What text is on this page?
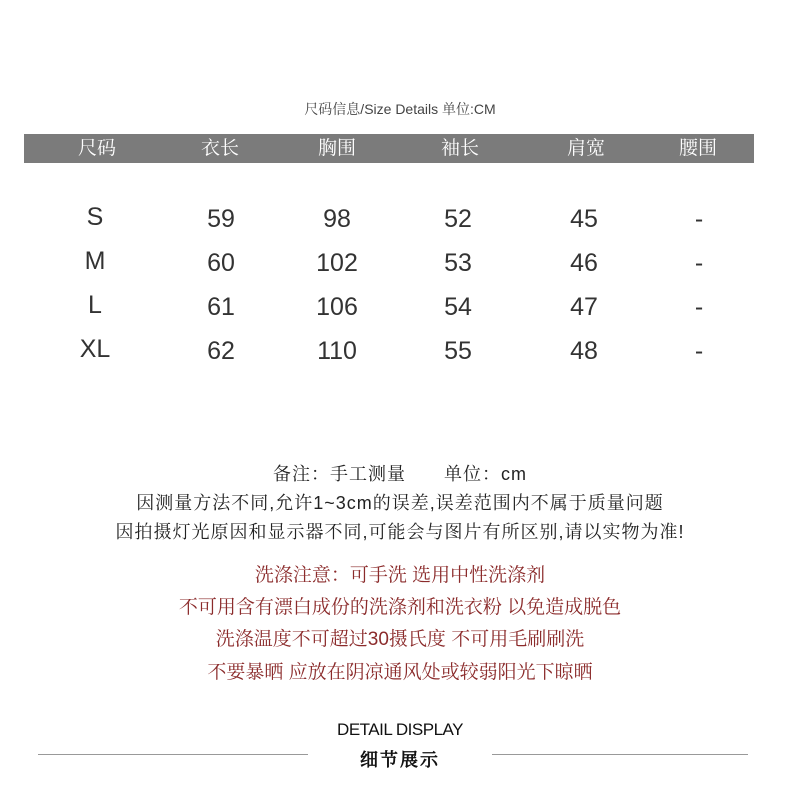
尺码信息/Size Details 单位:CM
尺码	衣长	胸围	袖长	肩宽	腰围
S	59	98	52	45	-
M	60	102	53	46	-
L	61	106	54	47	-
XL	62	110	55	48	-
备注：手工测量　　单位：cm
因测量方法不同,允许1~3cm的误差,误差范围内不属于质量问题
因拍摄灯光原因和显示器不同,可能会与图片有所区别,请以实物为准!
洗涤注意：可手洗 选用中性洗涤剂
不可用含有漂白成份的洗涤剂和洗衣粉 以免造成脱色
洗涤温度不可超过30摄氏度 不可用毛刷刷洗
不要暴晒 应放在阴凉通风处或较弱阳光下晾晒
DETAIL DISPLAY
细节展示
